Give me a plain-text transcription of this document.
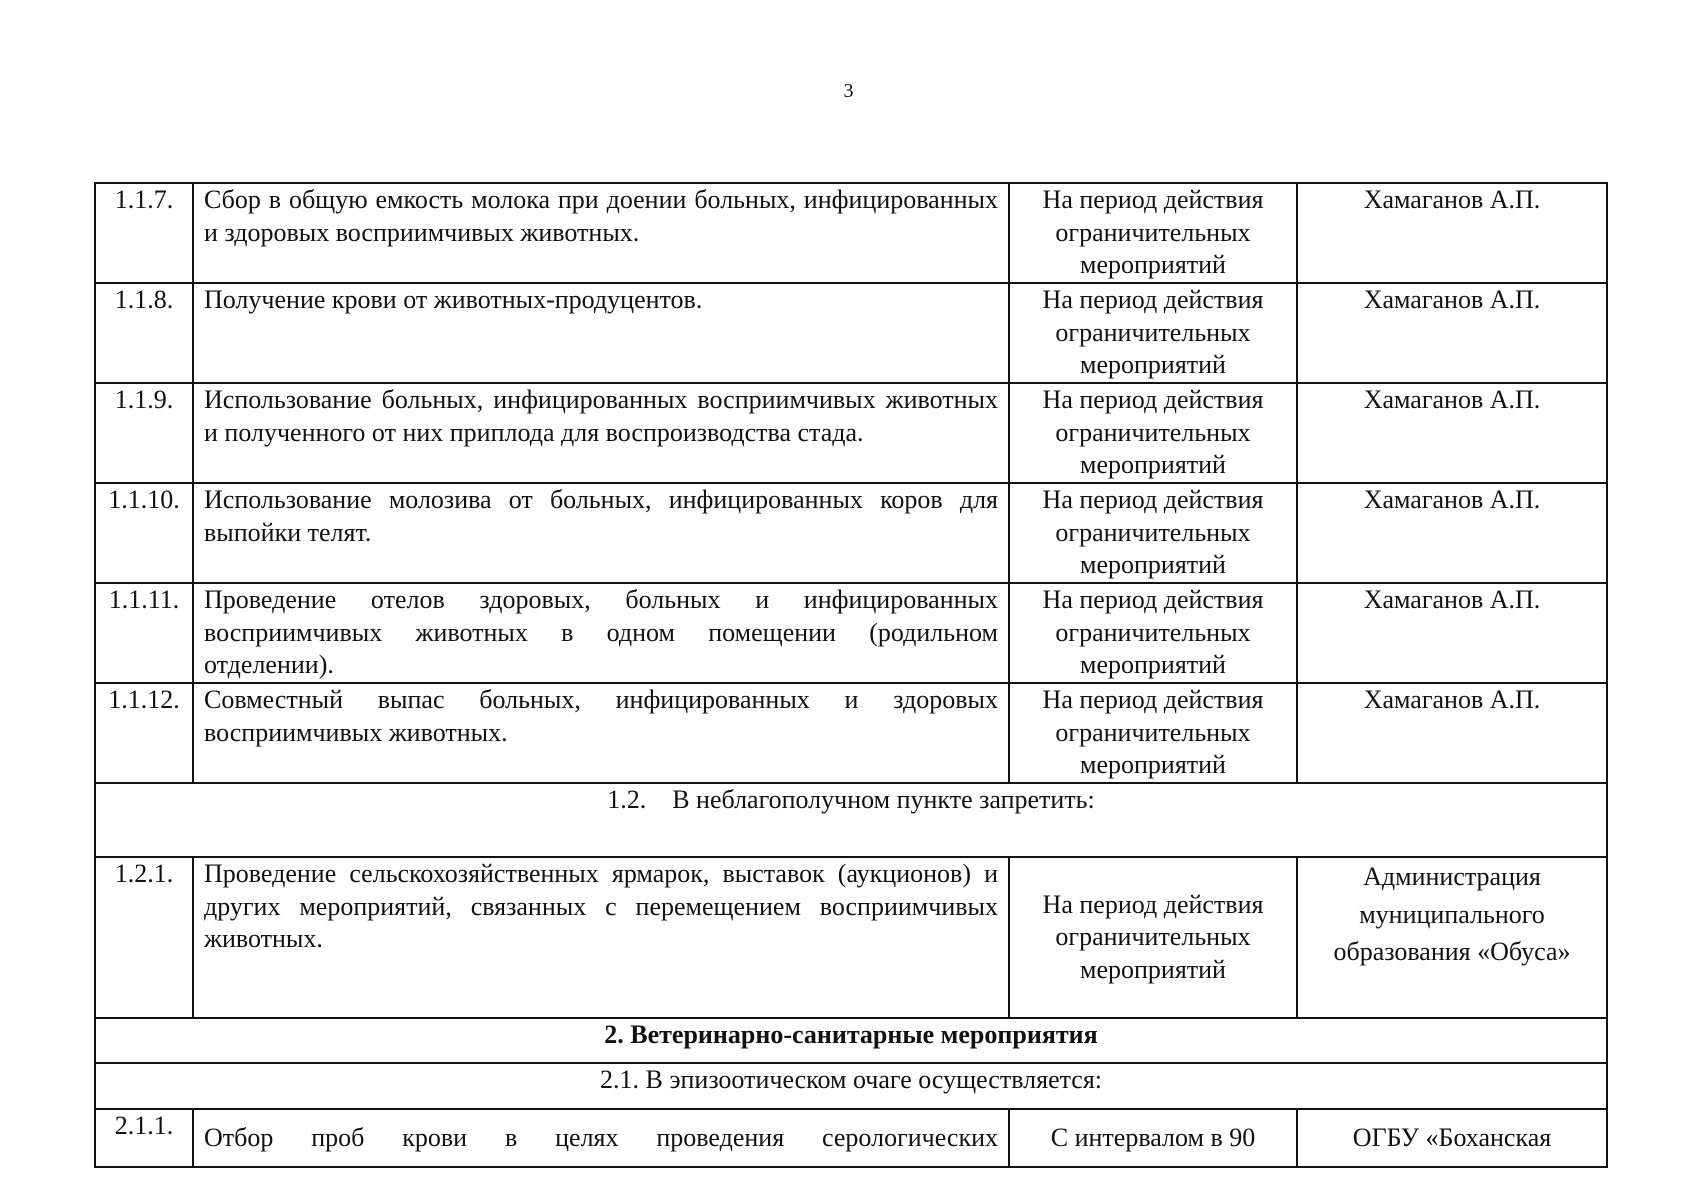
3
1.1.7.	Сбор в общую емкость молока при доении больных, инфицированных и здоровых восприимчивых животных.	На период действия ограничительных мероприятий	Хамаганов А.П.
1.1.8.	Получение крови от животных-продуцентов.	На период действия ограничительных мероприятий	Хамаганов А.П.
1.1.9.	Использование больных, инфицированных восприимчивых животных и полученного от них приплода для воспроизводства стада.	На период действия ограничительных мероприятий	Хамаганов А.П.
1.1.10.	Использование молозива от больных, инфицированных коров для выпойки телят.	На период действия ограничительных мероприятий	Хамаганов А.П.
1.1.11.	Проведение отелов здоровых, больных и инфицированных восприимчивых животных в одном помещении (родильном отделении).	На период действия ограничительных мероприятий	Хамаганов А.П.
1.1.12.	Совместный выпас больных, инфицированных и здоровых восприимчивых животных.	На период действия ограничительных мероприятий	Хамаганов А.П.
1.2. В неблагополучном пункте запретить:			
1.2.1.	Проведение сельскохозяйственных ярмарок, выставок (аукционов) и других мероприятий, связанных с перемещением восприимчивых животных.	На период действия ограничительных мероприятий	Администрация муниципального образования «Обуса»
2. Ветеринарно-санитарные мероприятия			
2.1. В эпизоотическом очаге осуществляется:			
2.1.1.	Отбор проб крови в целях проведения серологических	С интервалом в 90	ОГБУ «Боханская
